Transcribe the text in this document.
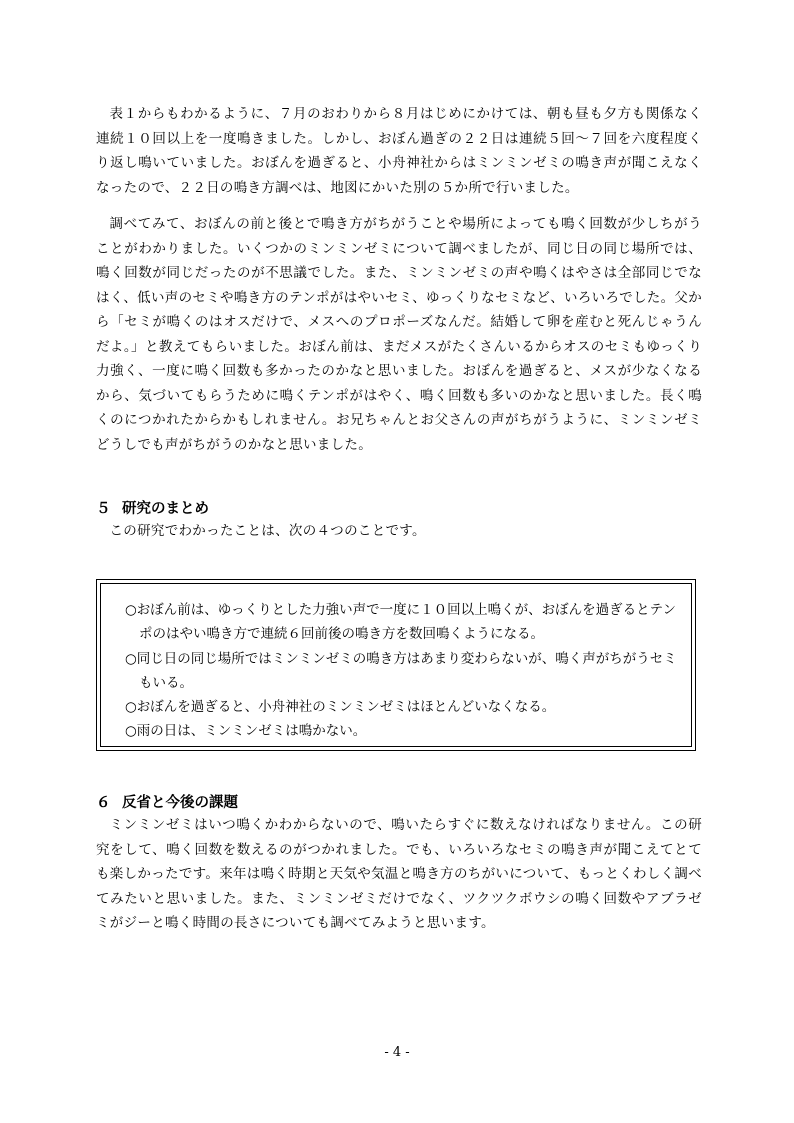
表１からもわかるように、７月のおわりから８月はじめにかけては、朝も昼も夕方も関係なく連続１０回以上を一度鳴きました。しかし、おぼん過ぎの２２日は連続５回～７回を六度程度くり返し鳴いていました。おぼんを過ぎると、小舟神社からはミンミンゼミの鳴き声が聞こえなくなったので、２２日の鳴き方調べは、地図にかいた別の５か所で行いました。

調べてみて、おぼんの前と後とで鳴き方がちがうことや場所によっても鳴く回数が少しちがうことがわかりました。いくつかのミンミンゼミについて調べましたが、同じ日の同じ場所では、鳴く回数が同じだったのが不思議でした。また、ミンミンゼミの声や鳴くはやさは全部同じでなはく、低い声のセミや鳴き方のテンポがはやいセミ、ゆっくりなセミなど、いろいろでした。父から「セミが鳴くのはオスだけで、メスへのプロポーズなんだ。結婚して卵を産むと死んじゃうんだよ。」と教えてもらいました。おぼん前は、まだメスがたくさんいるからオスのセミもゆっくり力強く、一度に鳴く回数も多かったのかなと思いました。おぼんを過ぎると、メスが少なくなるから、気づいてもらうために鳴くテンポがはやく、鳴く回数も多いのかなと思いました。長く鳴くのにつかれたからかもしれません。お兄ちゃんとお父さんの声がちがうように、ミンミンゼミどうしでも声がちがうのかなと思いました。

５ 研究のまとめ

この研究でわかったことは、次の４つのことです。

○おぼん前は、ゆっくりとした力強い声で一度に１０回以上鳴くが、おぼんを過ぎるとテンポのはやい鳴き方で連続６回前後の鳴き方を数回鳴くようになる。
○同じ日の同じ場所ではミンミンゼミの鳴き方はあまり変わらないが、鳴く声がちがうセミもいる。
○おぼんを過ぎると、小舟神社のミンミンゼミはほとんどいなくなる。
○雨の日は、ミンミンゼミは鳴かない。
６ 反省と今後の課題

ミンミンゼミはいつ鳴くかわからないので、鳴いたらすぐに数えなければなりません。この研究をして、鳴く回数を数えるのがつかれました。でも、いろいろなセミの鳴き声が聞こえてとても楽しかったです。来年は鳴く時期と天気や気温と鳴き方のちがいについて、もっとくわしく調べてみたいと思いました。また、ミンミンゼミだけでなく、ツクツクボウシの鳴く回数やアブラゼミがジーと鳴く時間の長さについても調べてみようと思います。

- 4 -
